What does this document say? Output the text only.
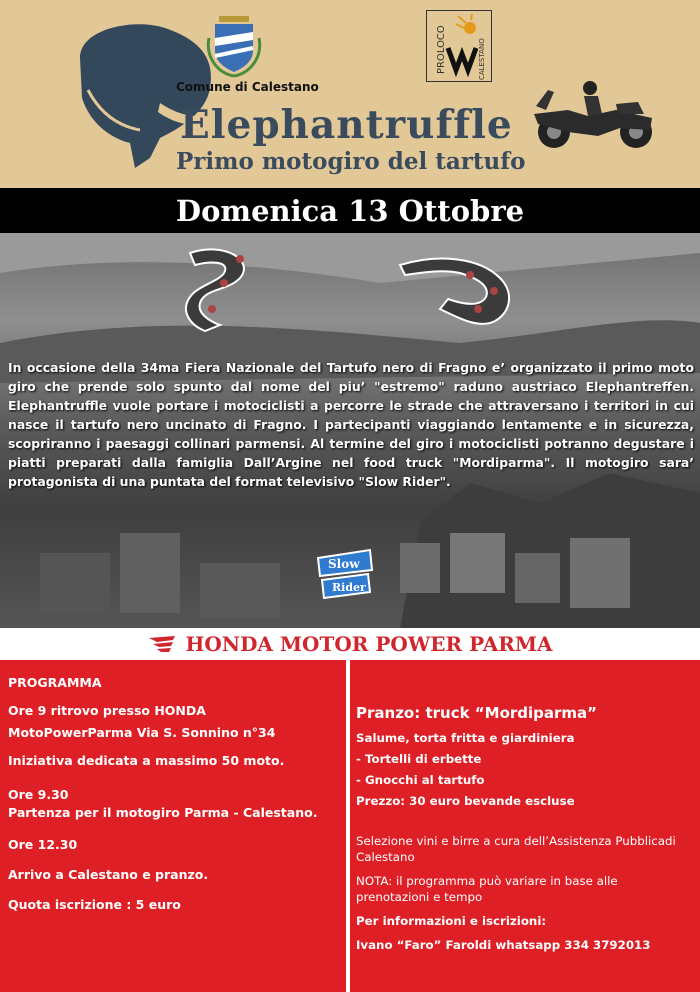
Comune di Calestano
PROLOCO	CALESTANO
Elephantruffle
Primo motogiro del tartufo
Domenica 13 Ottobre
In occasione della 34ma Fiera Nazionale del Tartufo nero di Fragno e’ organizzato il primo moto giro che prende solo spunto dal nome del piu’ "estremo" raduno austriaco Elephantreffen. Elephantruffle vuole portare i motociclisti a percorre le strade che attraversano i territori in cui nasce il tartufo nero uncinato di Fragno. I partecipanti viaggiando lentamente e in sicurezza, scopriranno i paesaggi collinari parmensi. Al termine del giro i motociclisti potranno degustare i piatti preparati dalla famiglia Dall’Argine nel food truck "Mordiparma". Il motogiro sara’ protagonista di una puntata del format televisivo "Slow Rider".
Slow
Rider
HONDA MOTOR POWER PARMA
PROGRAMMA
Ore 9 ritrovo presso HONDA
MotoPowerParma Via S. Sonnino n°34
Iniziativa dedicata a massimo 50 moto.
Ore 9.30
Partenza per il motogiro Parma - Calestano.
Ore 12.30
Arrivo a Calestano e pranzo.
Quota iscrizione : 5 euro
Pranzo: truck “Mordiparma”
Salume, torta fritta e giardiniera
- Tortelli di erbette
- Gnocchi al tartufo
Prezzo: 30 euro bevande escluse
Selezione vini e birre a cura dell’Assistenza Pubblicadi Calestano
NOTA: il programma può variare in base alle prenotazioni e tempo
Per informazioni e iscrizioni:
Ivano “Faro” Faroldi whatsapp 334 3792013
